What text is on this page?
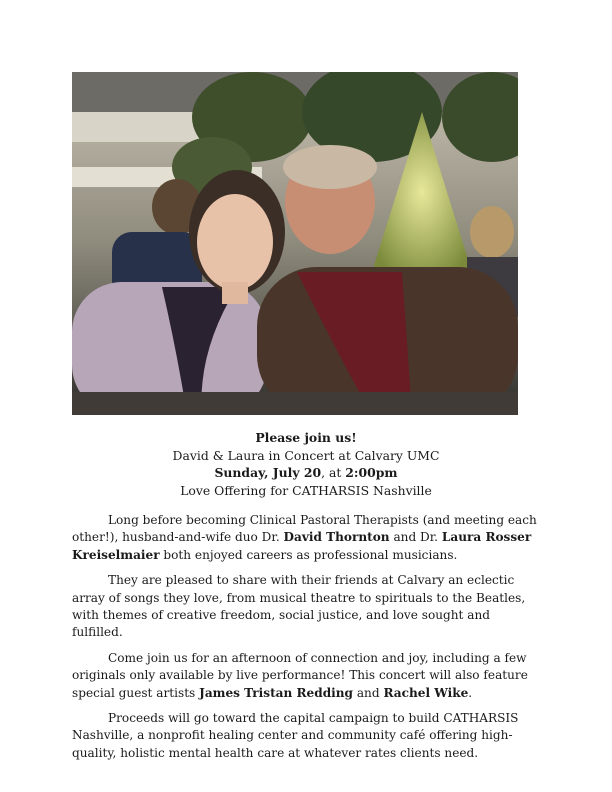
Please join us!
David & Laura in Concert at Calvary UMC
Sunday, July 20, at 2:00pm
Love Offering for CATHARSIS Nashville

Long before becoming Clinical Pastoral Therapists (and meeting each other!), husband-and-wife duo Dr. David Thornton and Dr. Laura Rosser Kreiselmaier both enjoyed careers as professional musicians.

They are pleased to share with their friends at Calvary an eclectic array of songs they love, from musical theatre to spirituals to the Beatles, with themes of creative freedom, social justice, and love sought and fulfilled.

Come join us for an afternoon of connection and joy, including a few originals only available by live performance! This concert will also feature special guest artists James Tristan Redding and Rachel Wike.

Proceeds will go toward the capital campaign to build CATHARSIS Nashville, a nonprofit healing center and community café offering high-quality, holistic mental health care at whatever rates clients need.
